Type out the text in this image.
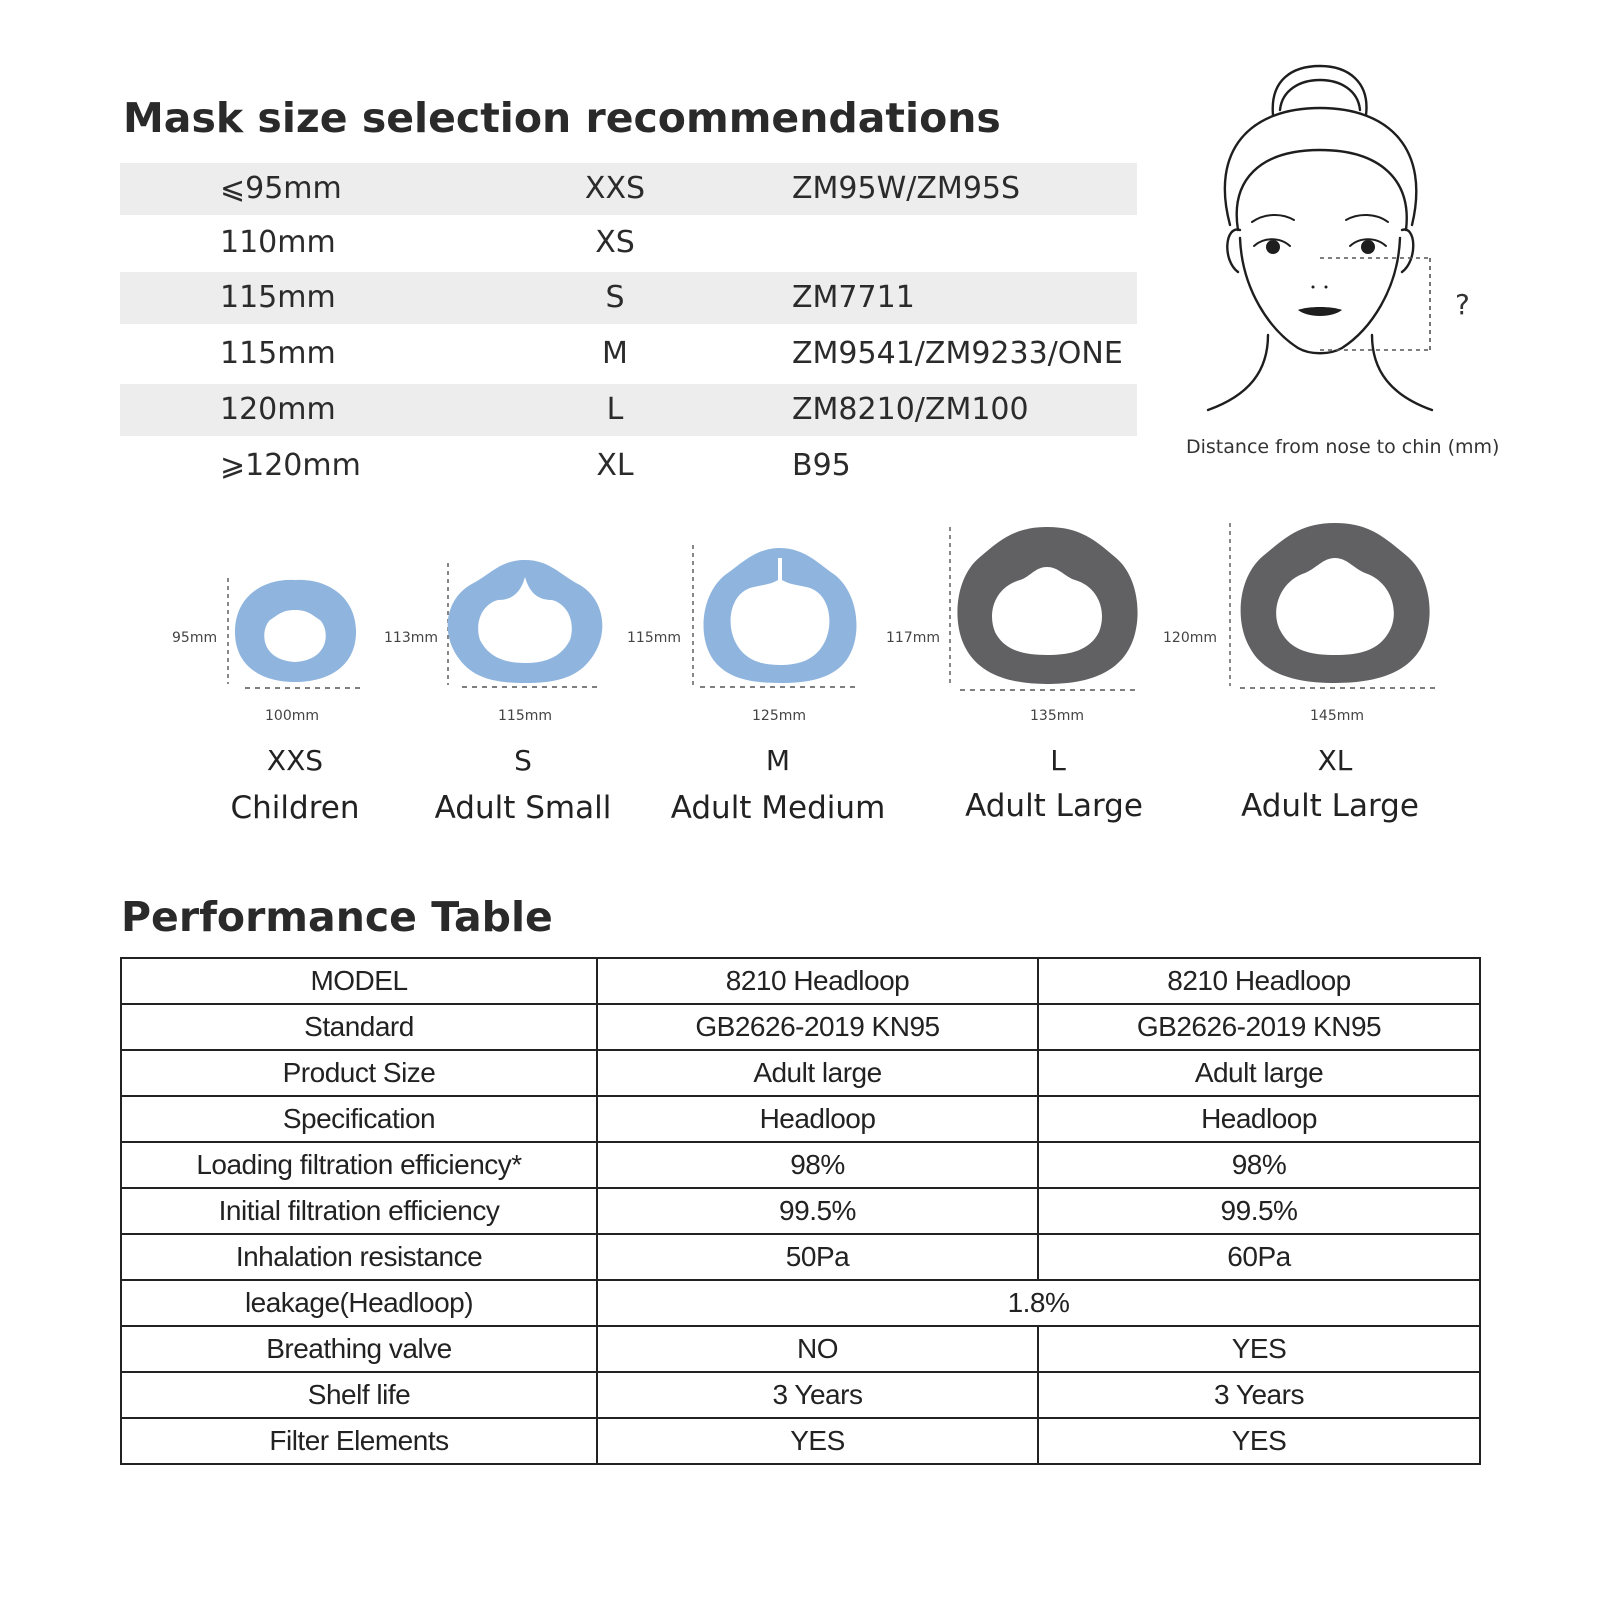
Mask size selection recommendations
⩽95mm	XXS	ZM95W/ZM95S
110mm	XS
115mm	S	ZM7711
115mm	M	ZM9541/ZM9233/ONE
120mm	L	ZM8210/ZM100
⩾120mm	XL	B95
?
Distance from nose to chin (mm)
95mm
100mm
XXS
Children
113mm
115mm
S
Adult Small
115mm
125mm
M
Adult Medium
117mm
135mm
L
Adult Large
120mm
145mm
XL
Adult Large
Performance Table
MODEL	8210 Headloop	8210 Headloop
Standard	GB2626-2019 KN95	GB2626-2019 KN95
Product Size	Adult large	Adult large
Specification	Headloop	Headloop
Loading filtration efficiency*	98%	98%
Initial filtration efficiency	99.5%	99.5%
Inhalation resistance	50Pa	60Pa
leakage(Headloop)	1.8%	
Breathing valve	NO	YES
Shelf life	3 Years	3 Years
Filter Elements	YES	YES
